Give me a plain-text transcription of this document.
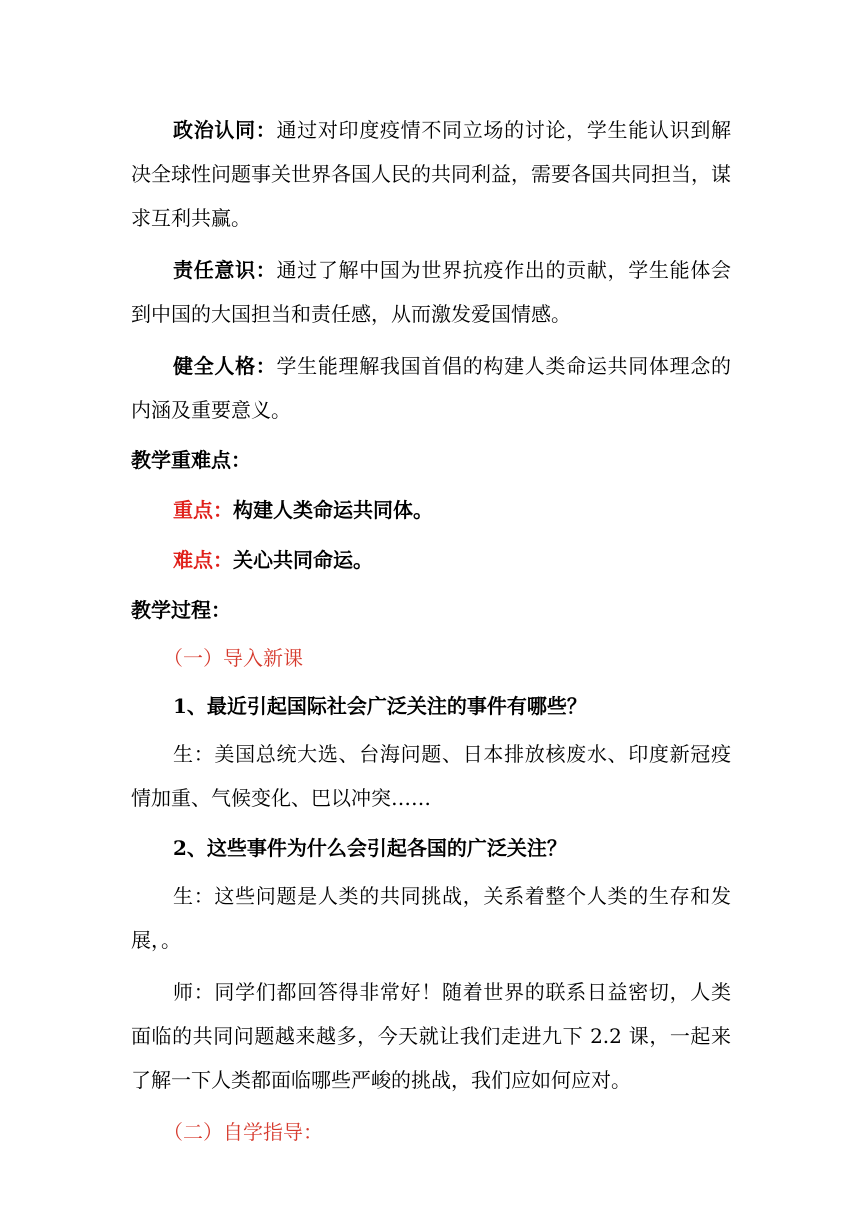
政治认同：通过对印度疫情不同立场的讨论，学生能认识到解决全球性问题事关世界各国人民的共同利益，需要各国共同担当，谋求互利共赢。

责任意识：通过了解中国为世界抗疫作出的贡献，学生能体会到中国的大国担当和责任感，从而激发爱国情感。

健全人格：学生能理解我国首倡的构建人类命运共同体理念的内涵及重要意义。

教学重难点：

重点：构建人类命运共同体。

难点：关心共同命运。

教学过程：

（一）导入新课

1、最近引起国际社会广泛关注的事件有哪些？

生：美国总统大选、台海问题、日本排放核废水、印度新冠疫情加重、气候变化、巴以冲突……

2、这些事件为什么会引起各国的广泛关注？

生：这些问题是人类的共同挑战，关系着整个人类的生存和发展，。

师：同学们都回答得非常好！随着世界的联系日益密切，人类面临的共同问题越来越多，今天就让我们走进九下 2.2 课，一起来了解一下人类都面临哪些严峻的挑战，我们应如何应对。

（二）自学指导：
